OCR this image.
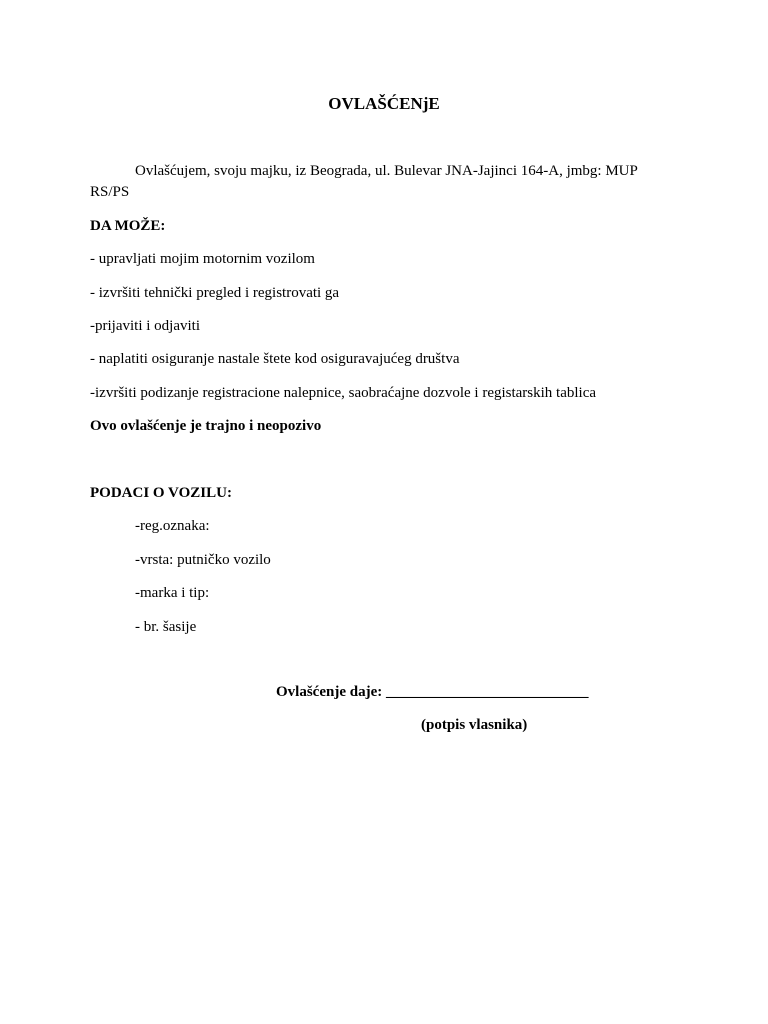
OVLAŠĆENjE
Ovlašćujem, svoju majku, iz Beograda, ul. Bulevar JNA-Jajinci 164-A, jmbg: MUP RS/PS
DA MOŽE:
- upravljati mojim motornim vozilom
- izvršiti tehnički pregled i registrovati ga
-prijaviti i odjaviti
- naplatiti osiguranje nastale štete kod osiguravajućeg društva
-izvršiti podizanje registracione nalepnice, saobraćajne dozvole i registarskih tablica
Ovo ovlašćenje je trajno i neopozivo
PODACI O VOZILU:
-reg.oznaka:
-vrsta: putničko vozilo
-marka i tip:
- br. šasije
Ovlašćenje daje: ___________________________
(potpis vlasnika)
